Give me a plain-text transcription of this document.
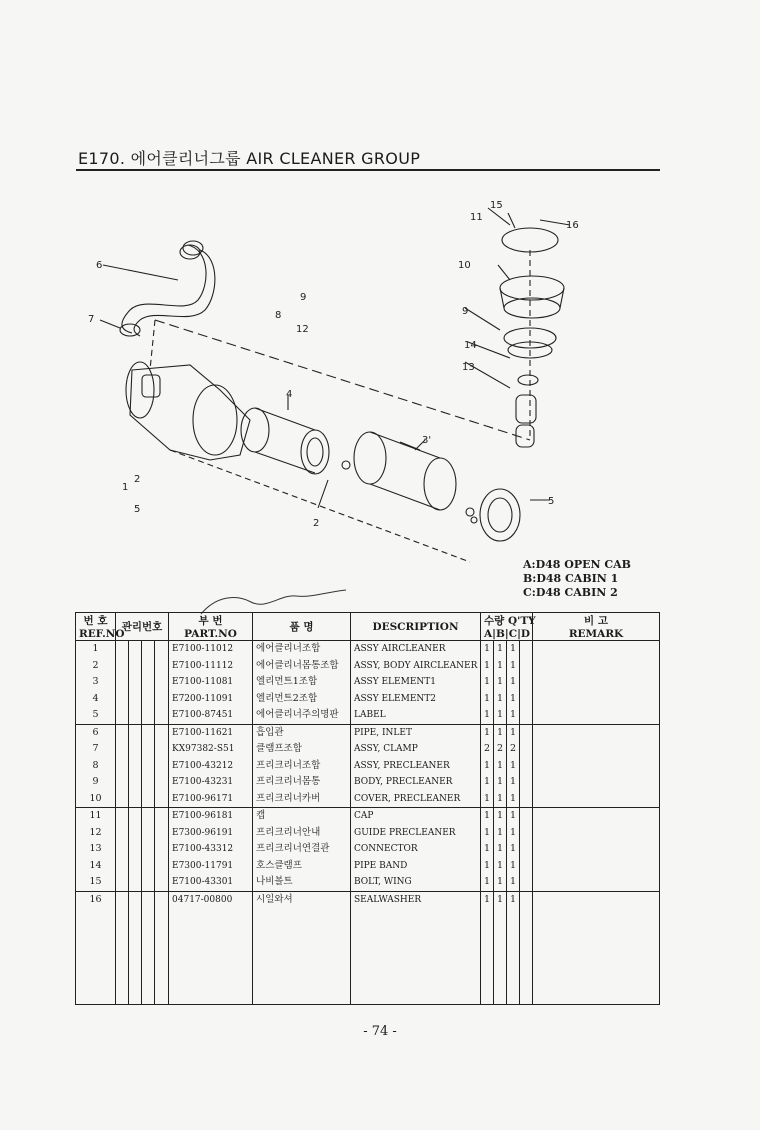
E170. 에어클리너그룹 AIR CLEANER GROUP
1
2
5
2
3'
4
5
6
7	8
9
12
9
10
11
13
14
15
16
A:D48 OPEN CAB
B:D48 CABIN 1
C:D48 CABIN 2
번 호
REF.NO	관리번호				부 번
PART.NO	품 명	DESCRIPTION	수량 Q'TY
A|B|C|D				비 고
REMARK
1					E7100-11012	에어클리너조합	ASSY AIRCLEANER	1	1	1		
2					E7100-11112	에어클리너몸통조합	ASSY, BODY AIRCLEANER	1	1	1		
3					E7100-11081	엘리먼트1조합	ASSY ELEMENT1	1	1	1		
4					E7200-11091	엘리먼트2조합	ASSY ELEMENT2	1	1	1		
5					E7100-87451	에어클리너주의명판	LABEL	1	1	1		
6					E7100-11621	흡입관	PIPE, INLET	1	1	1		
7					KX97382-S51	클램프조합	ASSY, CLAMP	2	2	2		
8					E7100-43212	프리크리너조합	ASSY, PRECLEANER	1	1	1		
9					E7100-43231	프리크리너몸통	BODY, PRECLEANER	1	1	1		
10					E7100-96171	프리크리너카버	COVER, PRECLEANER	1	1	1		
11					E7100-96181	캡	CAP	1	1	1		
12					E7300-96191	프리크리너안내	GUIDE PRECLEANER	1	1	1		
13					E7100-43312	프리크리너연결관	CONNECTOR	1	1	1		
14					E7300-11791	호스클램프	PIPE BAND	1	1	1		
15					E7100-43301	나비볼트	BOLT, WING	1	1	1		
16					04717-00800	시일와셔	SEALWASHER	1	1	1		

- 74 -
